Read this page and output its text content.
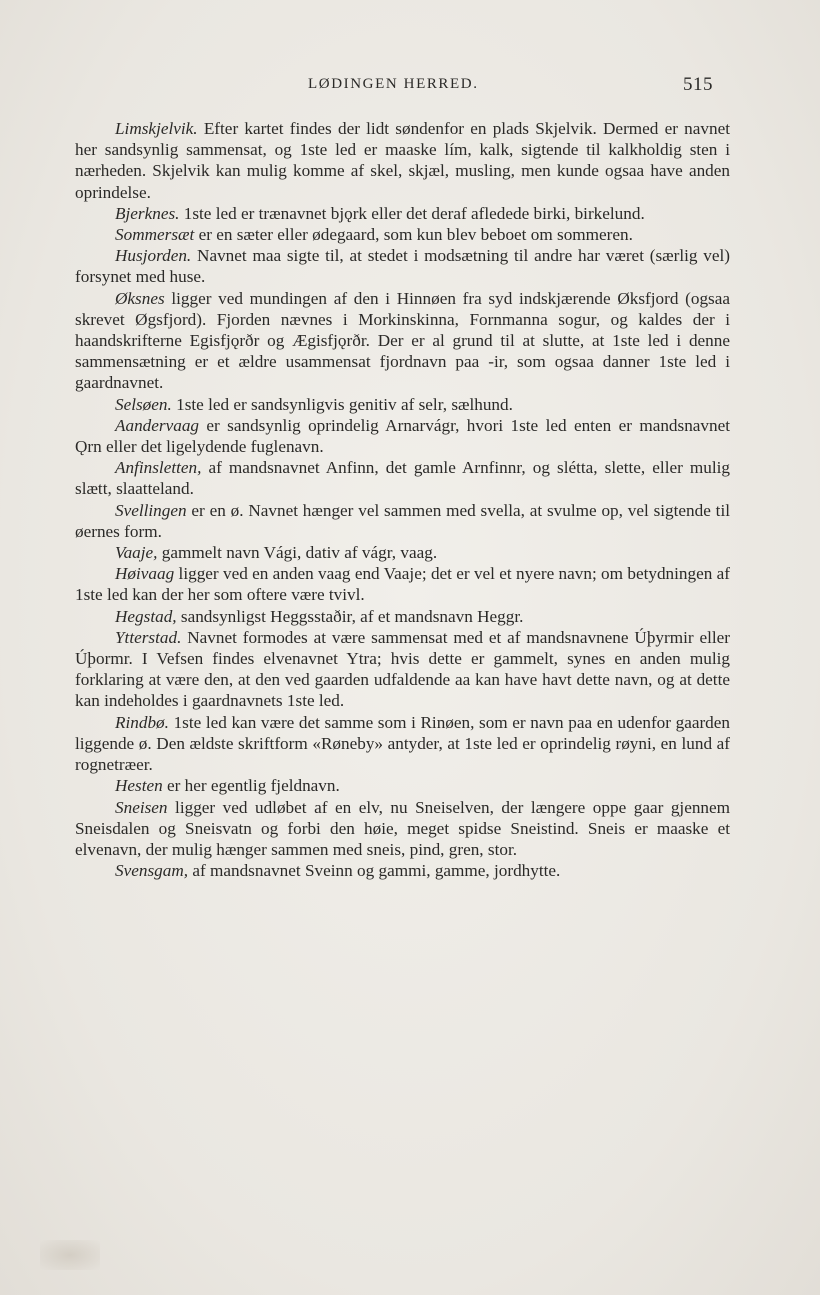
LØDINGEN HERRED.	515

Limskjelvik. Efter kartet findes der lidt søndenfor en plads Skjelvik. Dermed er navnet her sandsynlig sammensat, og 1ste led er maaske lím, kalk, sigtende til kalkholdig sten i nærheden. Skjelvik kan mulig komme af skel, skjæl, musling, men kunde ogsaa have anden oprindelse.

Bjerknes. 1ste led er trænavnet bjǫrk eller det deraf afledede birki, birkelund.

Sommersæt er en sæter eller ødegaard, som kun blev beboet om sommeren.

Husjorden. Navnet maa sigte til, at stedet i modsætning til andre har været (særlig vel) forsynet med huse.

Øksnes ligger ved mundingen af den i Hinnøen fra syd indskjærende Øksfjord (ogsaa skrevet Øgsfjord). Fjorden nævnes i Morkinskinna, Fornmanna sogur, og kaldes der i haandskrifterne Egisfjǫrðr og Ægisfjǫrðr. Der er al grund til at slutte, at 1ste led i denne sammensætning er et ældre usammensat fjordnavn paa -ir, som ogsaa danner 1ste led i gaardnavnet.

Selsøen. 1ste led er sandsynligvis genitiv af selr, sælhund.

Aandervaag er sandsynlig oprindelig Arnarvágr, hvori 1ste led enten er mandsnavnet Ǫrn eller det ligelydende fuglenavn.

Anfinsletten, af mandsnavnet Anfinn, det gamle Arnfinnr, og slétta, slette, eller mulig slætt, slaatteland.

Svellingen er en ø. Navnet hænger vel sammen med svella, at svulme op, vel sigtende til øernes form.

Vaaje, gammelt navn Vági, dativ af vágr, vaag.

Høivaag ligger ved en anden vaag end Vaaje; det er vel et nyere navn; om betydningen af 1ste led kan der her som oftere være tvivl.

Hegstad, sandsynligst Heggsstaðir, af et mandsnavn Heggr.

Ytterstad. Navnet formodes at være sammensat med et af mandsnavnene Úþyrmir eller Úþormr. I Vefsen findes elvenavnet Ytra; hvis dette er gammelt, synes en anden mulig forklaring at være den, at den ved gaarden udfaldende aa kan have havt dette navn, og at dette kan indeholdes i gaardnavnets 1ste led.

Rindbø. 1ste led kan være det samme som i Rinøen, som er navn paa en udenfor gaarden liggende ø. Den ældste skriftform «Røneby» antyder, at 1ste led er oprindelig røyni, en lund af rognetræer.

Hesten er her egentlig fjeldnavn.

Sneisen ligger ved udløbet af en elv, nu Sneiselven, der længere oppe gaar gjennem Sneisdalen og Sneisvatn og forbi den høie, meget spidse Sneistind. Sneis er maaske et elvenavn, der mulig hænger sammen med sneis, pind, gren, stor.

Svensgam, af mandsnavnet Sveinn og gammi, gamme, jordhytte.
